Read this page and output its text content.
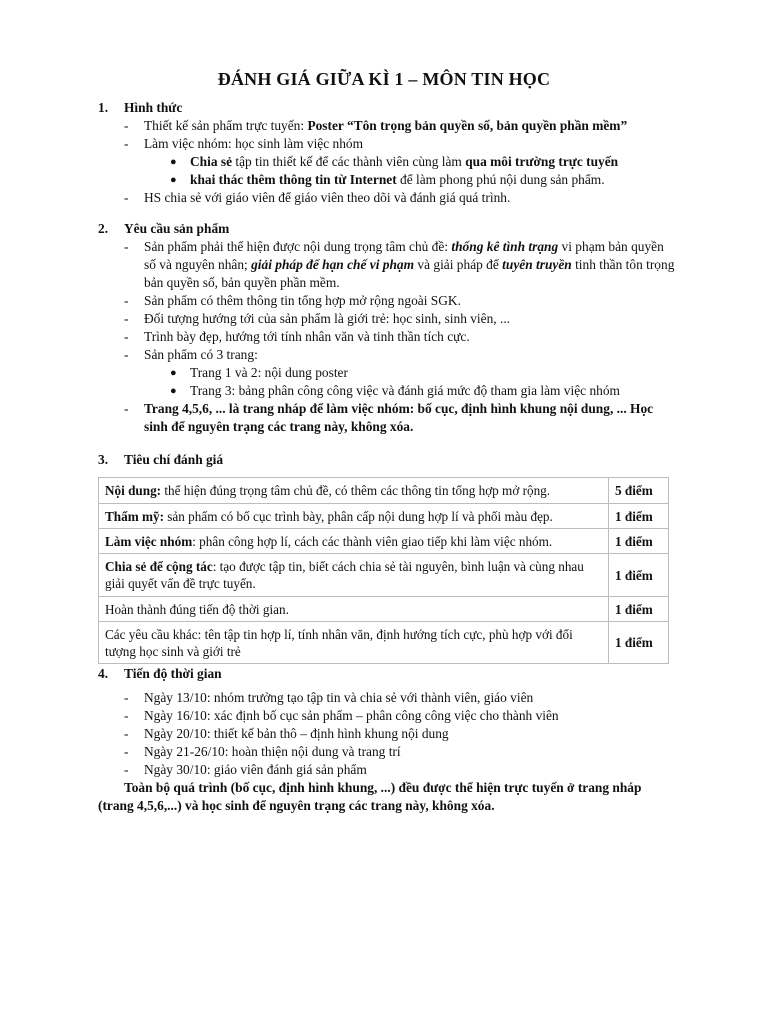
ĐÁNH GIÁ GIỮA KÌ 1 – MÔN TIN HỌC
1. Hình thức
- Thiết kế sản phẩm trực tuyến: Poster “Tôn trọng bản quyền số, bản quyền phần mềm”
- Làm việc nhóm: học sinh làm việc nhóm
● Chia sẻ tập tin thiết kế để các thành viên cùng làm qua môi trường trực tuyến
● khai thác thêm thông tin từ Internet để làm phong phú nội dung sản phẩm.
- HS chia sẻ với giáo viên để giáo viên theo dõi và đánh giá quá trình.
2. Yêu cầu sản phẩm
- Sản phẩm phải thể hiện được nội dung trọng tâm chủ đề: thống kê tình trạng vi phạm bản quyền số và nguyên nhân; giải pháp để hạn chế vi phạm và giải pháp để tuyên truyền tinh thần tôn trọng bản quyền số, bản quyền phần mềm.
- Sản phẩm có thêm thông tin tổng hợp mở rộng ngoài SGK.
- Đối tượng hướng tới của sản phẩm là giới trẻ: học sinh, sinh viên, ...
- Trình bày đẹp, hướng tới tính nhân văn và tinh thần tích cực.
- Sản phẩm có 3 trang:
● Trang 1 và 2: nội dung poster
● Trang 3: bảng phân công công việc và đánh giá mức độ tham gia làm việc nhóm
- Trang 4,5,6, ... là trang nháp để làm việc nhóm: bố cục, định hình khung nội dung, ... Học sinh để nguyên trạng các trang này, không xóa.
3. Tiêu chí đánh giá
Nội dung: thể hiện đúng trọng tâm chủ đề, có thêm các thông tin tổng hợp mở rộng.	5 điểm
Thẩm mỹ: sản phẩm có bố cục trình bày, phân cấp nội dung hợp lí và phối màu đẹp.	1 điểm
Làm việc nhóm: phân công hợp lí, cách các thành viên giao tiếp khi làm việc nhóm.	1 điểm
Chia sẻ để cộng tác: tạo được tập tin, biết cách chia sẻ tài nguyên, bình luận và cùng nhau giải quyết vấn đề trực tuyến.	1 điểm
Hoàn thành đúng tiến độ thời gian.	1 điểm
Các yêu cầu khác: tên tập tin hợp lí, tính nhân văn, định hướng tích cực, phù hợp với đối tượng học sinh và giới trẻ	1 điểm
4. Tiến độ thời gian
- Ngày 13/10: nhóm trưởng tạo tập tin và chia sẻ với thành viên, giáo viên
- Ngày 16/10: xác định bố cục sản phẩm – phân công công việc cho thành viên
- Ngày 20/10: thiết kế bản thô – định hình khung nội dung
- Ngày 21-26/10: hoàn thiện nội dung và trang trí
- Ngày 30/10: giáo viên đánh giá sản phẩm

Toàn bộ quá trình (bố cục, định hình khung, ...) đều được thể hiện trực tuyến ở trang nháp (trang 4,5,6,...) và học sinh để nguyên trạng các trang này, không xóa.
